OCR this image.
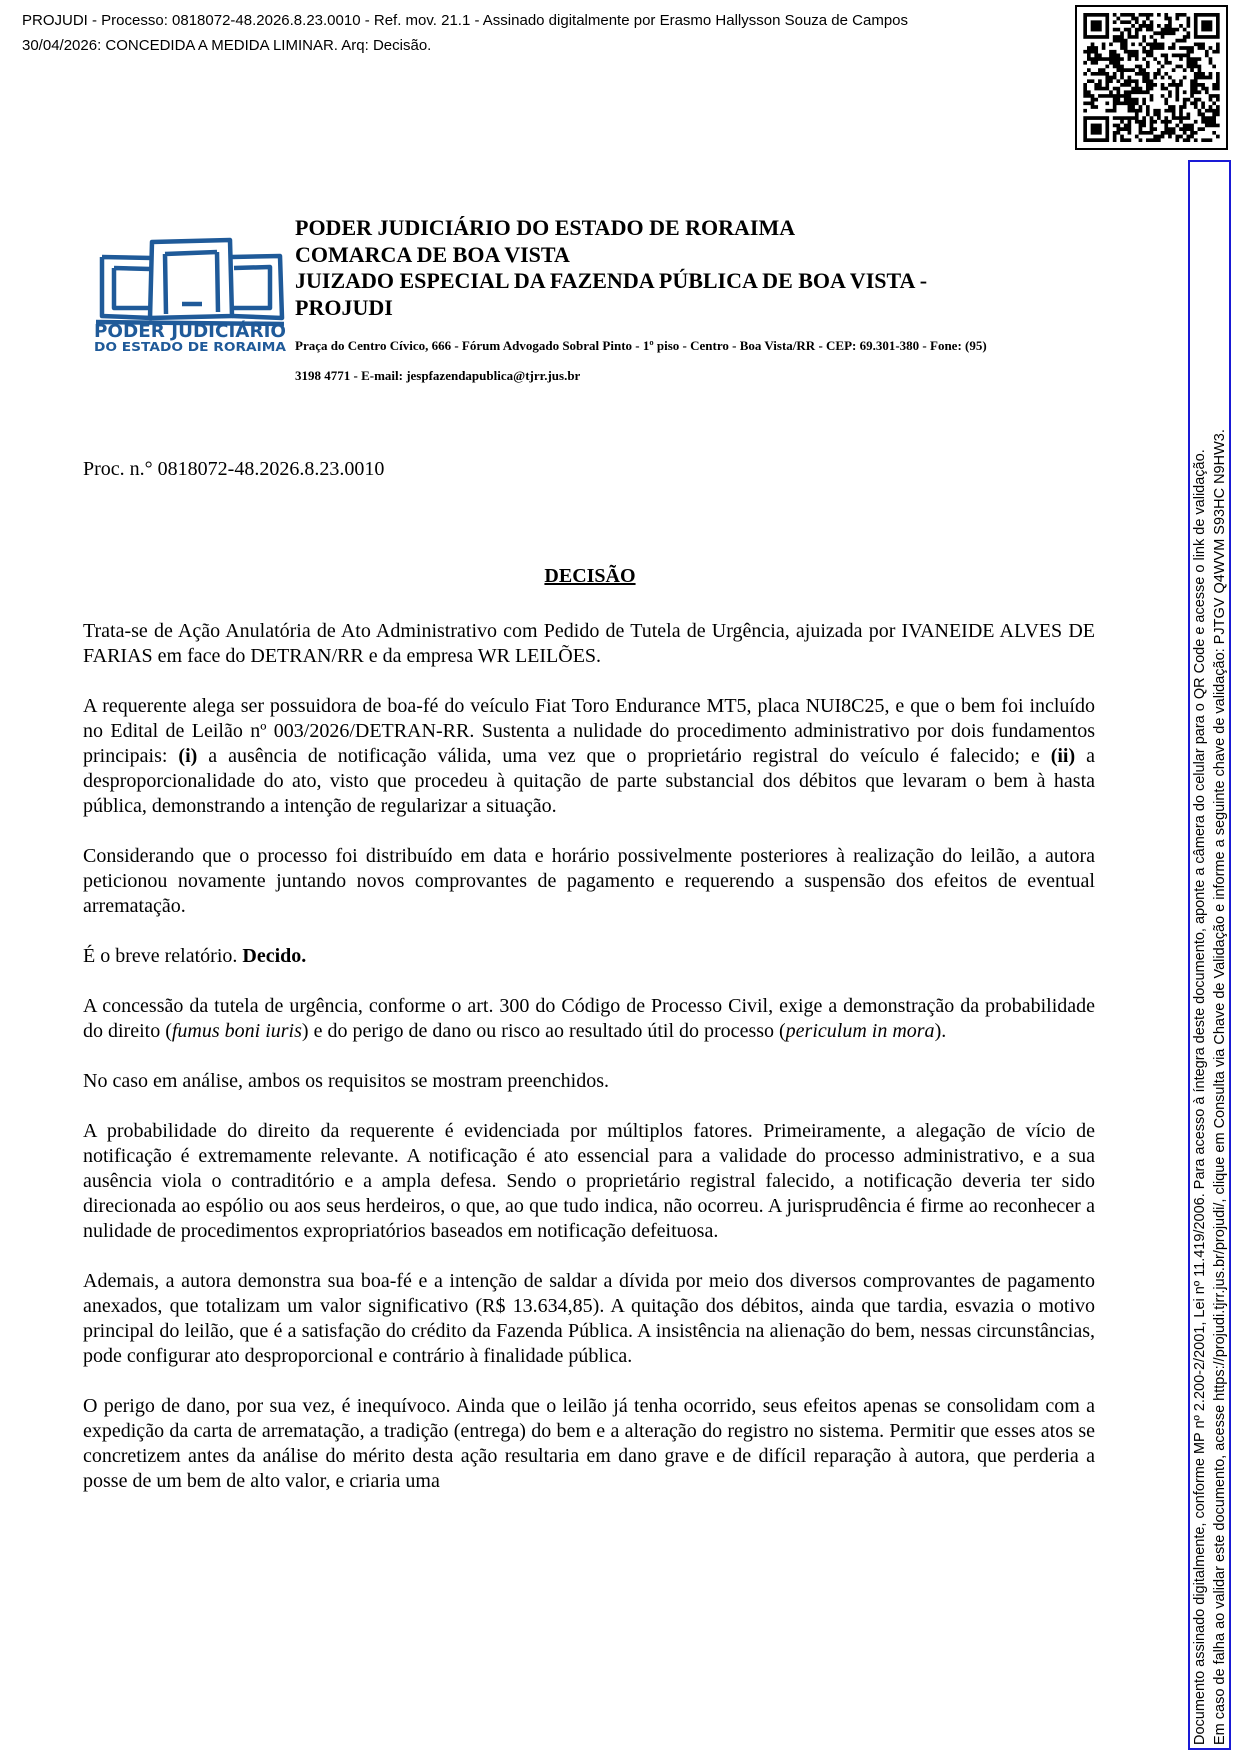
PROJUDI - Processo: 0818072-48.2026.8.23.0010 - Ref. mov. 21.1 - Assinado digitalmente por Erasmo Hallysson Souza de Campos
30/04/2026: CONCEDIDA A MEDIDA LIMINAR. Arq: Decisão.
Documento assinado digitalmente, conforme MP nº 2.200-2/2001, Lei nº 11.419/2006. Para acesso à íntegra deste documento, aponte a câmera do celular para o QR Code e acesse o link de validação. Em caso de falha ao validar este documento, acesse https://projudi.tjrr.jus.br/projudi/, clique em Consulta via Chave de Validação e informe a seguinte chave de validação: PJTGV Q4WVM S93HC N9HW3.
PODER JUDICIÁRIO
DO ESTADO DE RORAIMA
PODER JUDICIÁRIO DO ESTADO DE RORAIMA
COMARCA DE BOA VISTA
JUIZADO ESPECIAL DA FAZENDA PÚBLICA DE BOA VISTA -
PROJUDI
Praça do Centro Cívico, 666 - Fórum Advogado Sobral Pinto - 1º piso - Centro - Boa Vista/RR - CEP: 69.301-380 - Fone: (95)
3198 4771 - E-mail: jespfazendapublica@tjrr.jus.br
Proc. n.° 0818072-48.2026.8.23.0010
DECISÃO

Trata-se de Ação Anulatória de Ato Administrativo com Pedido de Tutela de Urgência, ajuizada por IVANEIDE ALVES DE FARIAS em face do DETRAN/RR e da empresa WR LEILÕES.

A requerente alega ser possuidora de boa-fé do veículo Fiat Toro Endurance MT5, placa NUI8C25, e que o bem foi incluído no Edital de Leilão nº 003/2026/DETRAN-RR. Sustenta a nulidade do procedimento administrativo por dois fundamentos principais: (i) a ausência de notificação válida, uma vez que o proprietário registral do veículo é falecido; e (ii) a desproporcionalidade do ato, visto que procedeu à quitação de parte substancial dos débitos que levaram o bem à hasta pública, demonstrando a intenção de regularizar a situação.

Considerando que o processo foi distribuído em data e horário possivelmente posteriores à realização do leilão, a autora peticionou novamente juntando novos comprovantes de pagamento e requerendo a suspensão dos efeitos de eventual arrematação.

É o breve relatório. Decido.

A concessão da tutela de urgência, conforme o art. 300 do Código de Processo Civil, exige a demonstração da probabilidade do direito (fumus boni iuris) e do perigo de dano ou risco ao resultado útil do processo (periculum in mora).

No caso em análise, ambos os requisitos se mostram preenchidos.

A probabilidade do direito da requerente é evidenciada por múltiplos fatores. Primeiramente, a alegação de vício de notificação é extremamente relevante. A notificação é ato essencial para a validade do processo administrativo, e a sua ausência viola o contraditório e a ampla defesa. Sendo o proprietário registral falecido, a notificação deveria ter sido direcionada ao espólio ou aos seus herdeiros, o que, ao que tudo indica, não ocorreu. A jurisprudência é firme ao reconhecer a nulidade de procedimentos expropriatórios baseados em notificação defeituosa.

Ademais, a autora demonstra sua boa-fé e a intenção de saldar a dívida por meio dos diversos comprovantes de pagamento anexados, que totalizam um valor significativo (R$ 13.634,85). A quitação dos débitos, ainda que tardia, esvazia o motivo principal do leilão, que é a satisfação do crédito da Fazenda Pública. A insistência na alienação do bem, nessas circunstâncias, pode configurar ato desproporcional e contrário à finalidade pública.

O perigo de dano, por sua vez, é inequívoco. Ainda que o leilão já tenha ocorrido, seus efeitos apenas se consolidam com a expedição da carta de arrematação, a tradição (entrega) do bem e a alteração do registro no sistema. Permitir que esses atos se concretizem antes da análise do mérito desta ação resultaria em dano grave e de difícil reparação à autora, que perderia a posse de um bem de alto valor, e criaria uma
